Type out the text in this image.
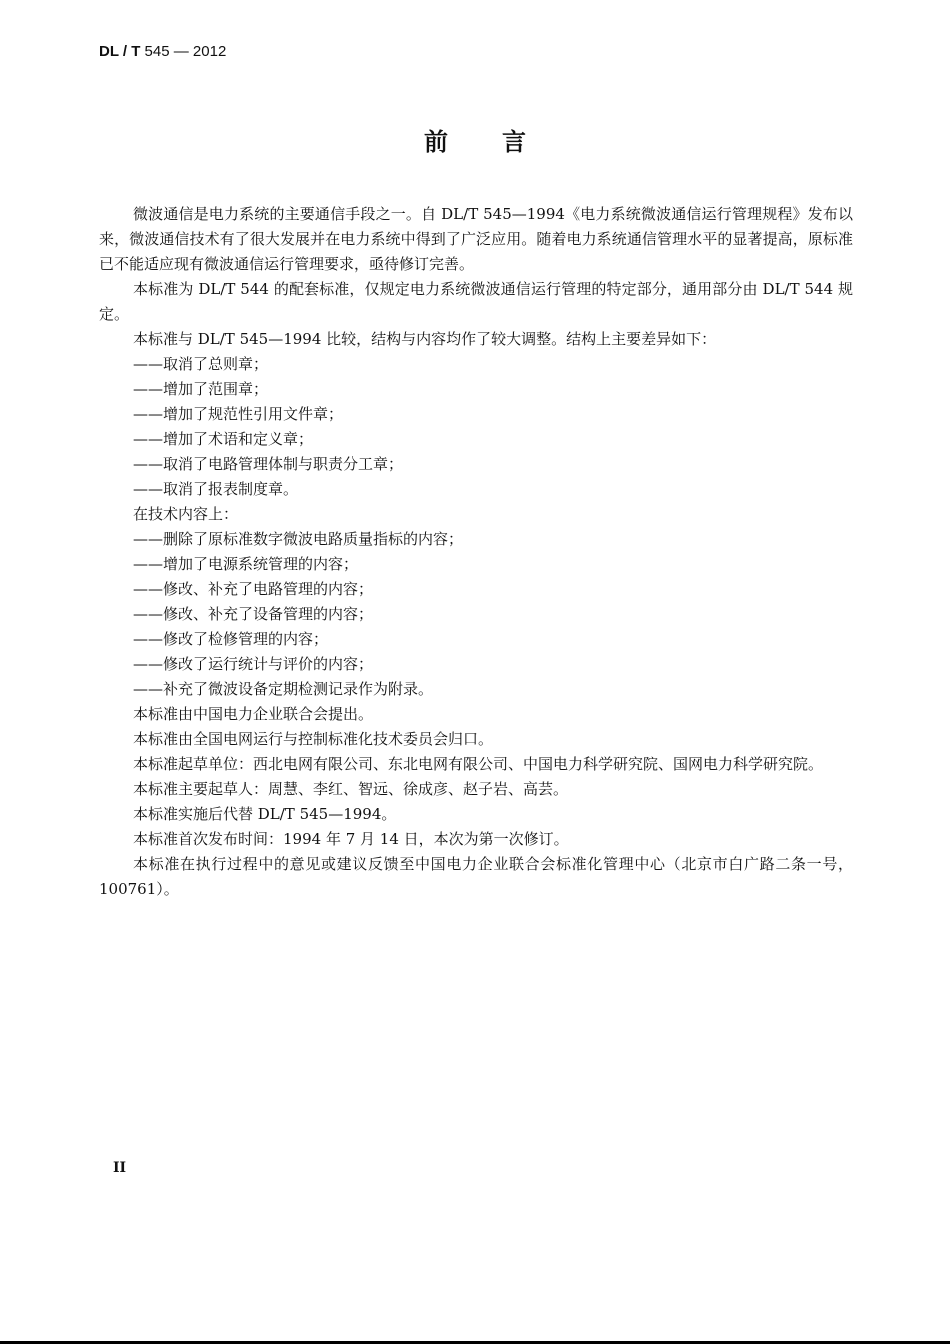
DL / T 545 — 2012
前言

微波通信是电力系统的主要通信手段之一。自 DL/T 545—1994《电力系统微波通信运行管理规程》发布以来，微波通信技术有了很大发展并在电力系统中得到了广泛应用。随着电力系统通信管理水平的显著提高，原标准已不能适应现有微波通信运行管理要求，亟待修订完善。

本标准为 DL/T 544 的配套标准，仅规定电力系统微波通信运行管理的特定部分，通用部分由 DL/T 544 规定。

本标准与 DL/T 545—1994 比较，结构与内容均作了较大调整。结构上主要差异如下：

——取消了总则章；

——增加了范围章；

——增加了规范性引用文件章；

——增加了术语和定义章；

——取消了电路管理体制与职责分工章；

——取消了报表制度章。

在技术内容上：

——删除了原标准数字微波电路质量指标的内容；

——增加了电源系统管理的内容；

——修改、补充了电路管理的内容；

——修改、补充了设备管理的内容；

——修改了检修管理的内容；

——修改了运行统计与评价的内容；

——补充了微波设备定期检测记录作为附录。

本标准由中国电力企业联合会提出。

本标准由全国电网运行与控制标准化技术委员会归口。

本标准起草单位：西北电网有限公司、东北电网有限公司、中国电力科学研究院、国网电力科学研究院。

本标准主要起草人：周慧、李红、智远、徐成彦、赵子岩、高芸。

本标准实施后代替 DL/T 545—1994。

本标准首次发布时间：1994 年 7 月 14 日，本次为第一次修订。

本标准在执行过程中的意见或建议反馈至中国电力企业联合会标准化管理中心（北京市白广路二条一号，100761）。

II
